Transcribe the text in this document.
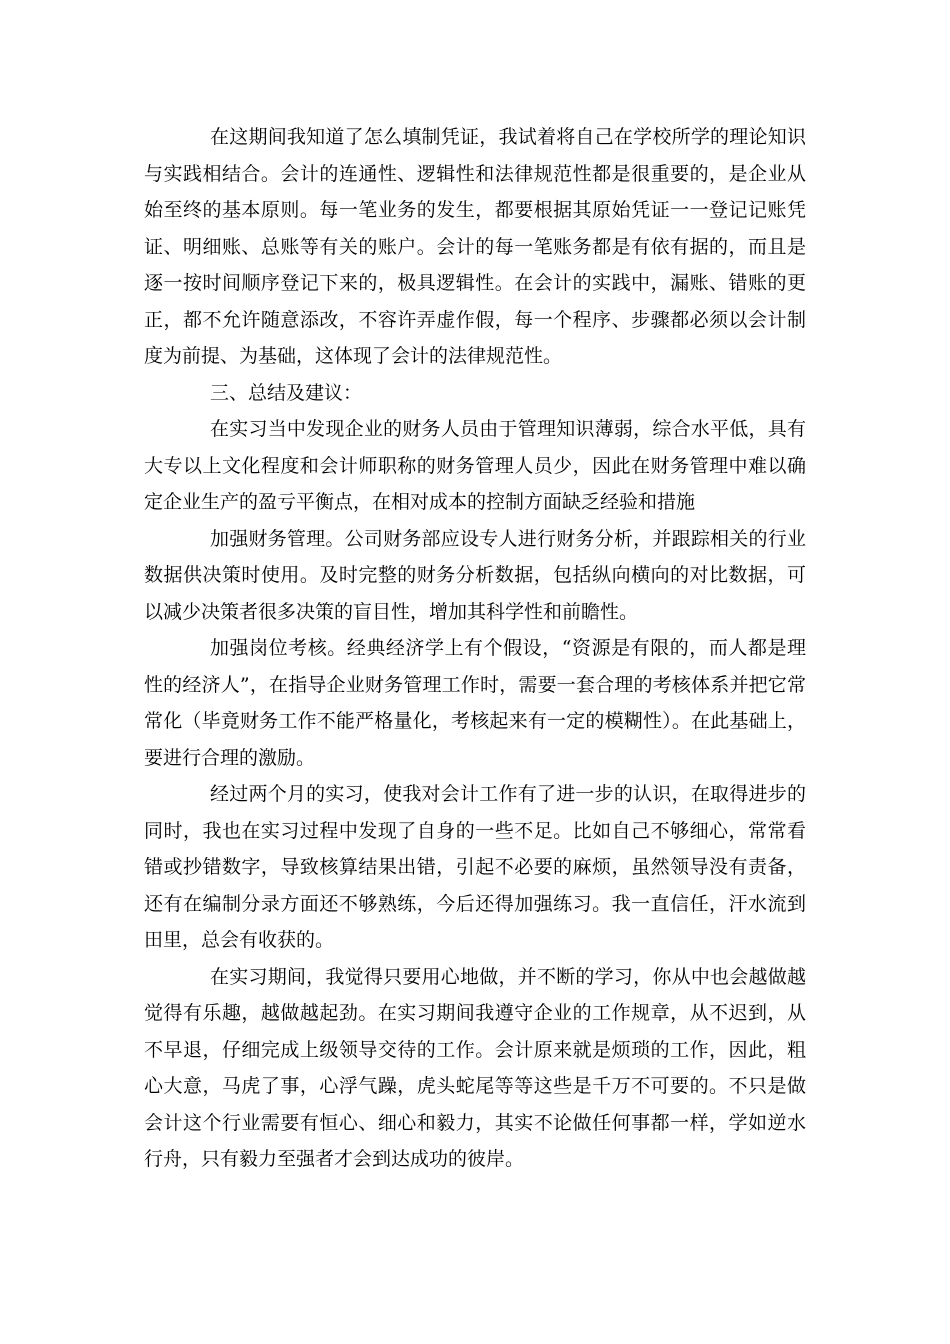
在这期间我知道了怎么填制凭证，我试着将自己在学校所学的理论知识与实践相结合。会计的连通性、逻辑性和法律规范性都是很重要的，是企业从始至终的基本原则。每一笔业务的发生，都要根据其原始凭证一一登记记账凭证、明细账、总账等有关的账户。会计的每一笔账务都是有依有据的，而且是逐一按时间顺序登记下来的，极具逻辑性。在会计的实践中，漏账、错账的更正，都不允许随意添改，不容许弄虚作假，每一个程序、步骤都必须以会计制度为前提、为基础，这体现了会计的法律规范性。

三、总结及建议：

在实习当中发现企业的财务人员由于管理知识薄弱，综合水平低，具有大专以上文化程度和会计师职称的财务管理人员少，因此在财务管理中难以确定企业生产的盈亏平衡点，在相对成本的控制方面缺乏经验和措施

加强财务管理。公司财务部应设专人进行财务分析，并跟踪相关的行业数据供决策时使用。及时完整的财务分析数据，包括纵向横向的对比数据，可以减少决策者很多决策的盲目性，增加其科学性和前瞻性。

加强岗位考核。经典经济学上有个假设，“资源是有限的，而人都是理性的经济人”，在指导企业财务管理工作时，需要一套合理的考核体系并把它常常化（毕竟财务工作不能严格量化，考核起来有一定的模糊性）。在此基础上，要进行合理的激励。

经过两个月的实习，使我对会计工作有了进一步的认识，在取得进步的同时，我也在实习过程中发现了自身的一些不足。比如自己不够细心，常常看错或抄错数字，导致核算结果出错，引起不必要的麻烦，虽然领导没有责备，还有在编制分录方面还不够熟练，今后还得加强练习。我一直信任，汗水流到田里，总会有收获的。

在实习期间，我觉得只要用心地做，并不断的学习，你从中也会越做越觉得有乐趣，越做越起劲。在实习期间我遵守企业的工作规章，从不迟到，从不早退，仔细完成上级领导交待的工作。会计原来就是烦琐的工作，因此，粗心大意，马虎了事，心浮气躁，虎头蛇尾等等这些是千万不可要的。不只是做会计这个行业需要有恒心、细心和毅力，其实不论做任何事都一样，学如逆水行舟，只有毅力至强者才会到达成功的彼岸。
